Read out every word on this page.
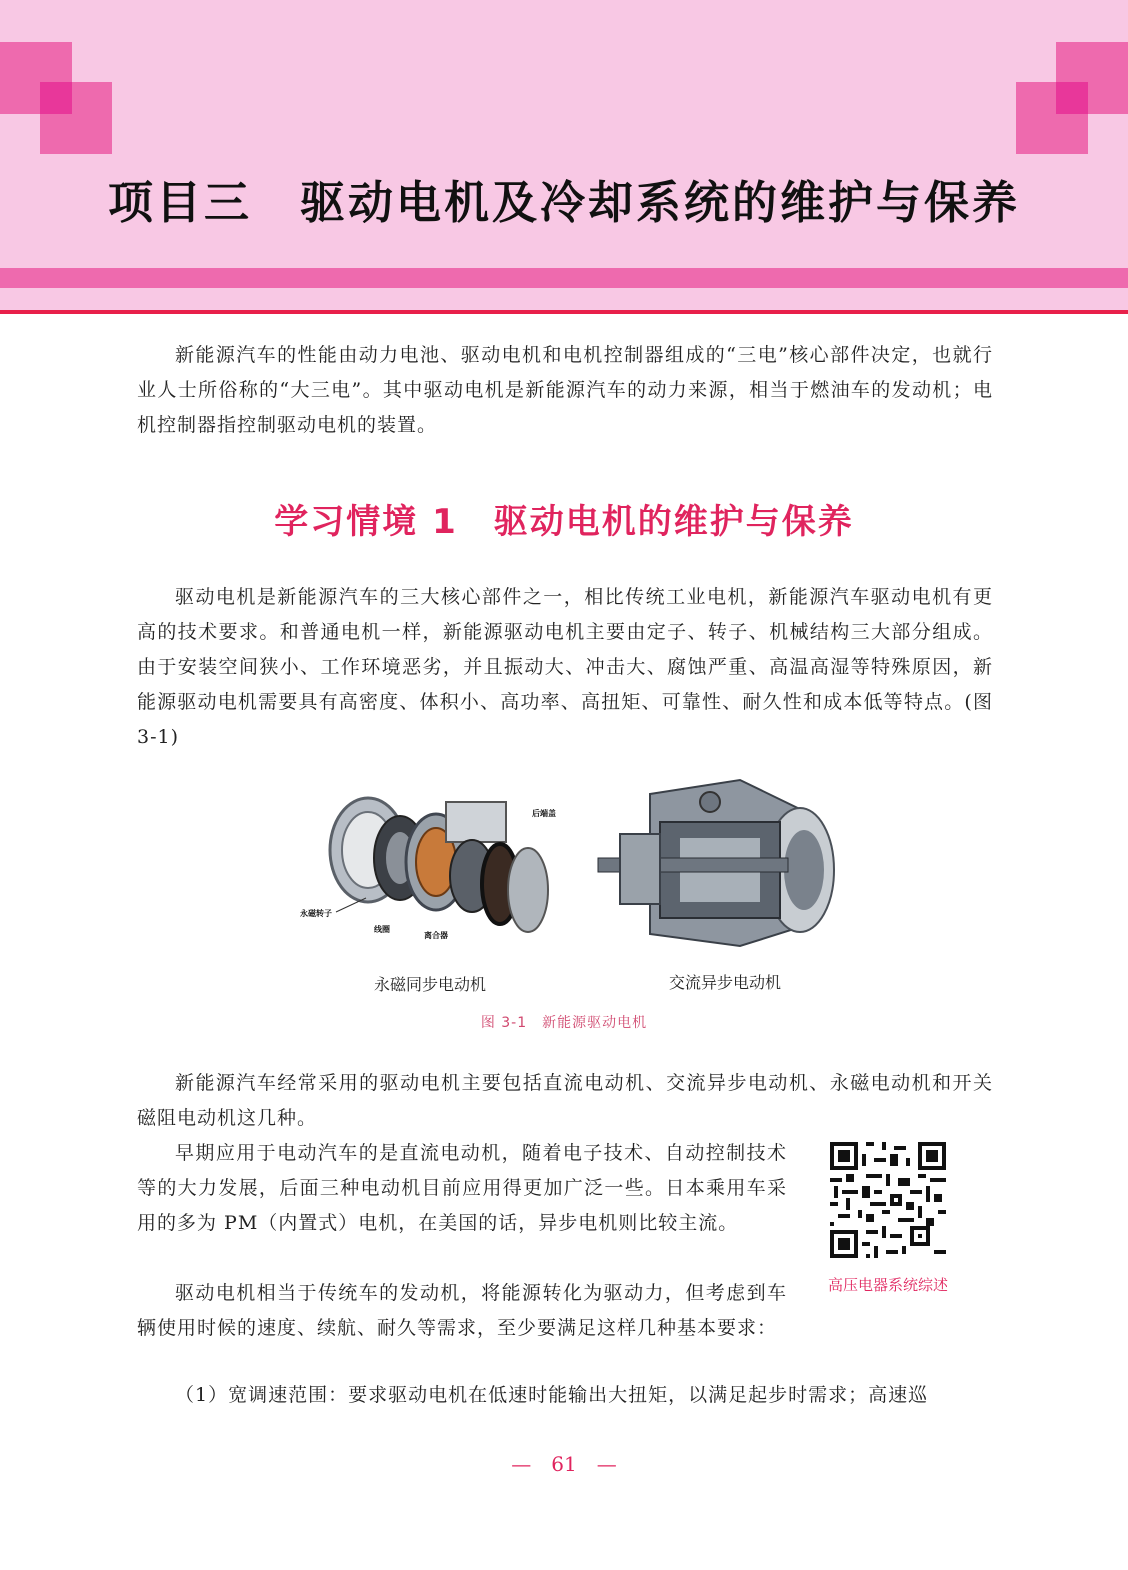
项目三　驱动电机及冷却系统的维护与保养

新能源汽车的性能由动力电池、驱动电机和电机控制器组成的“三电”核心部件决定，也就行业人士所俗称的“大三电”。其中驱动电机是新能源汽车的动力来源，相当于燃油车的发动机；电机控制器指控制驱动电机的装置。

学习情境 1　驱动电机的维护与保养

驱动电机是新能源汽车的三大核心部件之一，相比传统工业电机，新能源汽车驱动电机有更高的技术要求。和普通电机一样，新能源驱动电机主要由定子、转子、机械结构三大部分组成。由于安装空间狭小、工作环境恶劣，并且振动大、冲击大、腐蚀严重、高温高湿等特殊原因，新能源驱动电机需要具有高密度、体积小、高功率、高扭矩、可靠性、耐久性和成本低等特点。(图 3-1)

永磁转子
线圈
离合器
后端盖
永磁同步电动机	交流异步电动机
图 3-1　新能源驱动电机

新能源汽车经常采用的驱动电机主要包括直流电动机、交流异步电动机、永磁电动机和开关磁阻电动机这几种。

早期应用于电动汽车的是直流电动机，随着电子技术、自动控制技术等的大力发展，后面三种电动机目前应用得更加广泛一些。日本乘用车采用的多为 PM（内置式）电机，在美国的话，异步电机则比较主流。

驱动电机相当于传统车的发动机，将能源转化为驱动力，但考虑到车辆使用时候的速度、续航、耐久等需求，至少要满足这样几种基本要求：

（1）宽调速范围：要求驱动电机在低速时能输出大扭矩，以满足起步时需求；高速巡

高压电器系统综述
—　61　—
